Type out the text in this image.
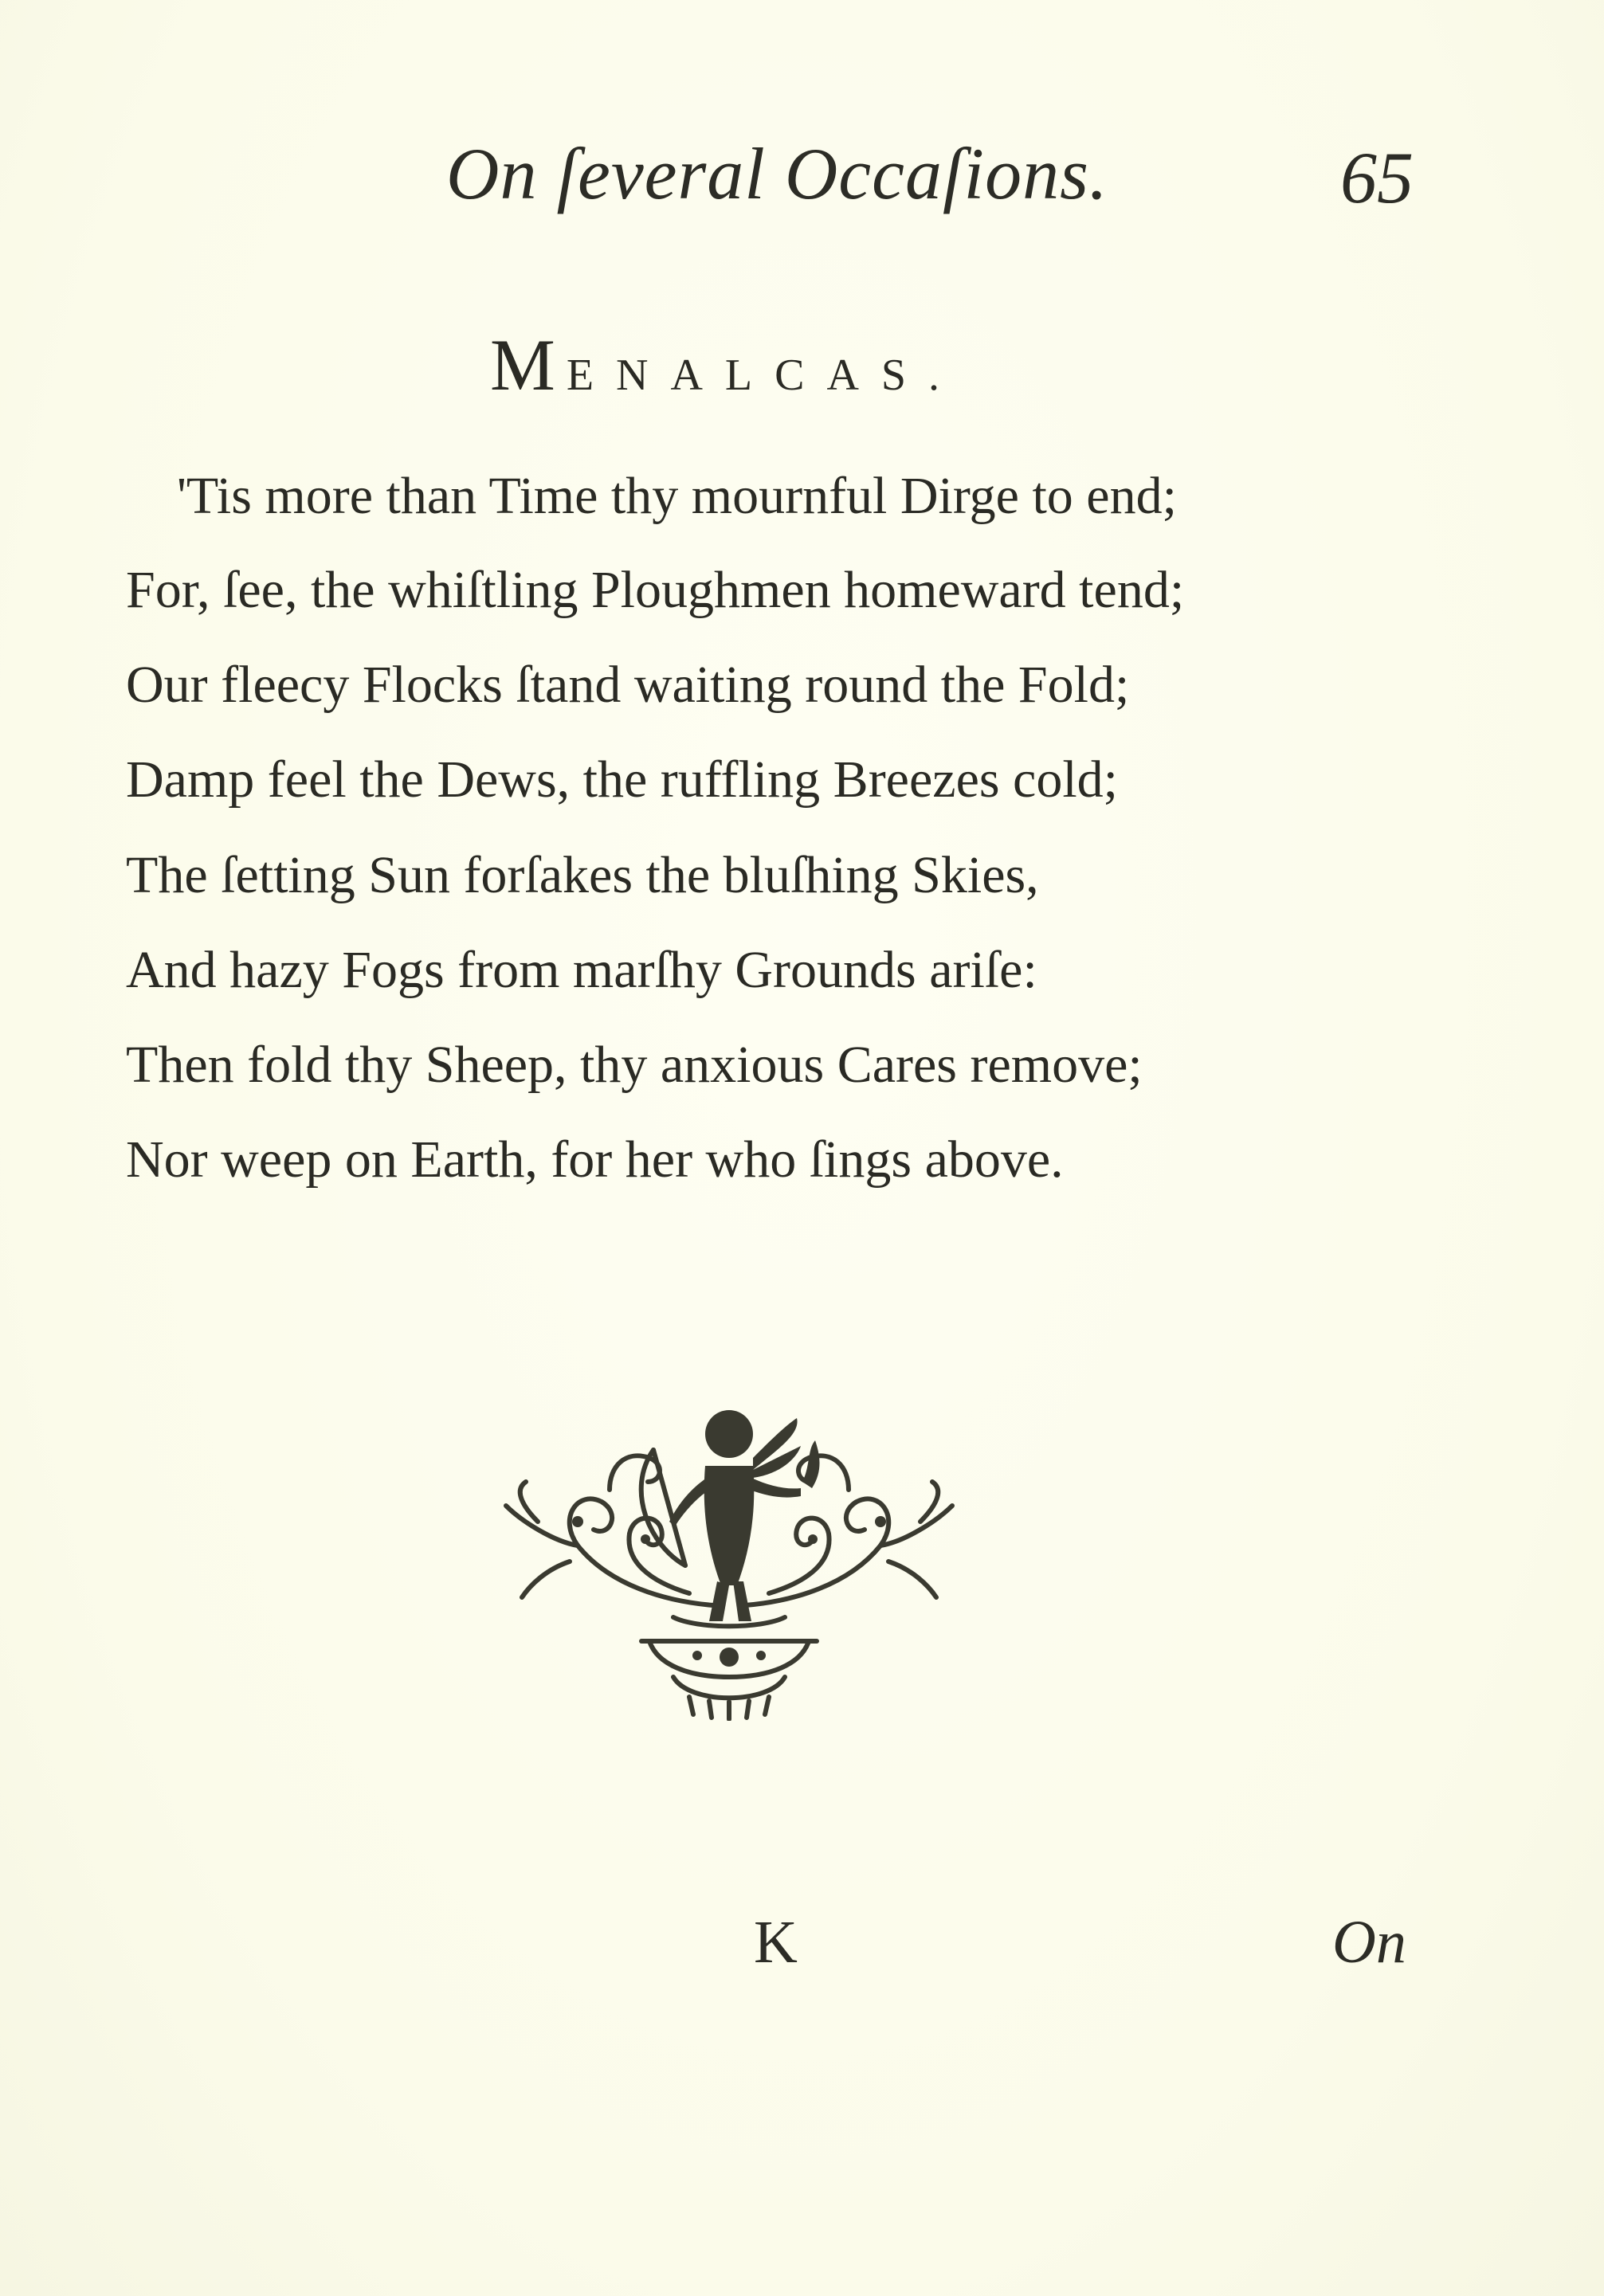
On ſeveral Occaſions.	65
MENALCAS.
'Tis more than Time thy mournful Dirge to end;
For, ſee, the whiſtling Ploughmen homeward tend;
Our fleecy Flocks ſtand waiting round the Fold;
Damp feel the Dews, the ruffling Breezes cold;
The ſetting Sun forſakes the bluſhing Skies,
And hazy Fogs from marſhy Grounds ariſe:
Then fold thy Sheep, thy anxious Cares remove;
Nor weep on Earth, for her who ſings above.
K	On
